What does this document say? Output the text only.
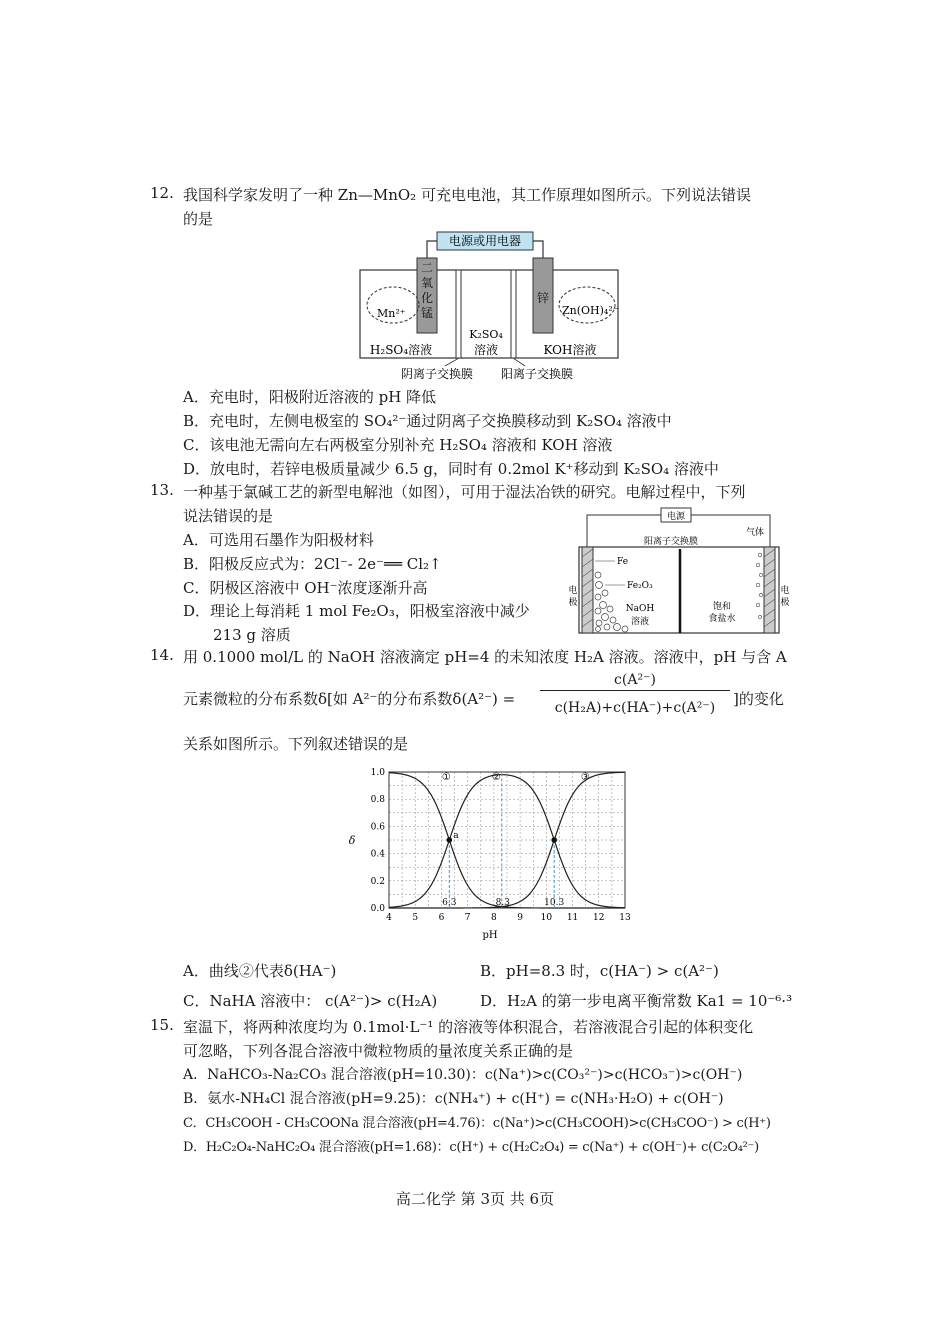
12. 我国科学家发明了一种 Zn—MnO₂ 可充电电池，其工作原理如图所示。下列说法错误
的是
电源或用电器
二
氧
化
锰
锌
Mn²⁺	Zn(OH)₄²⁻
H₂SO₄溶液
K₂SO₄
溶液	KOH溶液
阴离子交换膜 阳离子交换膜
A．充电时，阳极附近溶液的 pH 降低
B．充电时，左侧电极室的 SO₄²⁻通过阴离子交换膜移动到 K₂SO₄ 溶液中
C．该电池无需向左右两极室分别补充 H₂SO₄ 溶液和 KOH 溶液
D．放电时，若锌电极质量减少 6.5 g，同时有 0.2mol K⁺移动到 K₂SO₄ 溶液中
13. 一种基于氯碱工艺的新型电解池（如图），可用于湿法冶铁的研究。电解过程中，下列
说法错误的是
A．可选用石墨作为阳极材料
B．阳极反应式为：2Cl⁻- 2e⁻══ Cl₂↑
C．阴极区溶液中 OH⁻浓度逐渐升高
D．理论上每消耗 1 mol Fe₂O₃，阳极室溶液中减少
213 g 溶质
电源
阳离子交换膜
气体
Fe
Fe₂O₃
NaOH
溶液
饱和
食盐水
电
极
电
极
14. 用 0.1000 mol/L 的 NaOH 溶液滴定 pH=4 的未知浓度 H₂A 溶液。溶液中，pH 与含 A
元素微粒的分布系数δ[如 A²⁻的分布系数δ(A²⁻) =
c(A²⁻)
c(H₂A)+c(HA⁻)+c(A²⁻)	]的变化
关系如图所示。下列叙述错误的是
4 5 6 7 8 9 10 11 12 13
0.0
0.2
0.4
0.6
0.8
1.0	①	②	③
6.3	8.3	10.3
a
pH
δ
A．曲线②代表δ(HA⁻)	B．pH=8.3 时，c(HA⁻) > c(A²⁻)
C．NaHA 溶液中： c(A²⁻)> c(H₂A)	D．H₂A 的第一步电离平衡常数 Ka1 = 10⁻⁶·³
15. 室温下，将两种浓度均为 0.1mol·L⁻¹ 的溶液等体积混合，若溶液混合引起的体积变化
可忽略，下列各混合溶液中微粒物质的量浓度关系正确的是
A．NaHCO₃-Na₂CO₃ 混合溶液(pH=10.30)：c(Na⁺)>c(CO₃²⁻)>c(HCO₃⁻)>c(OH⁻)
B．氨水-NH₄Cl 混合溶液(pH=9.25)：c(NH₄⁺) + c(H⁺) = c(NH₃·H₂O) + c(OH⁻)
C．CH₃COOH - CH₃COONa 混合溶液(pH=4.76)：c(Na⁺)>c(CH₃COOH)>c(CH₃COO⁻) > c(H⁺)
D．H₂C₂O₄-NaHC₂O₄ 混合溶液(pH=1.68)：c(H⁺) + c(H₂C₂O₄) = c(Na⁺) + c(OH⁻)+ c(C₂O₄²⁻)
高二化学 第 3页 共 6页
